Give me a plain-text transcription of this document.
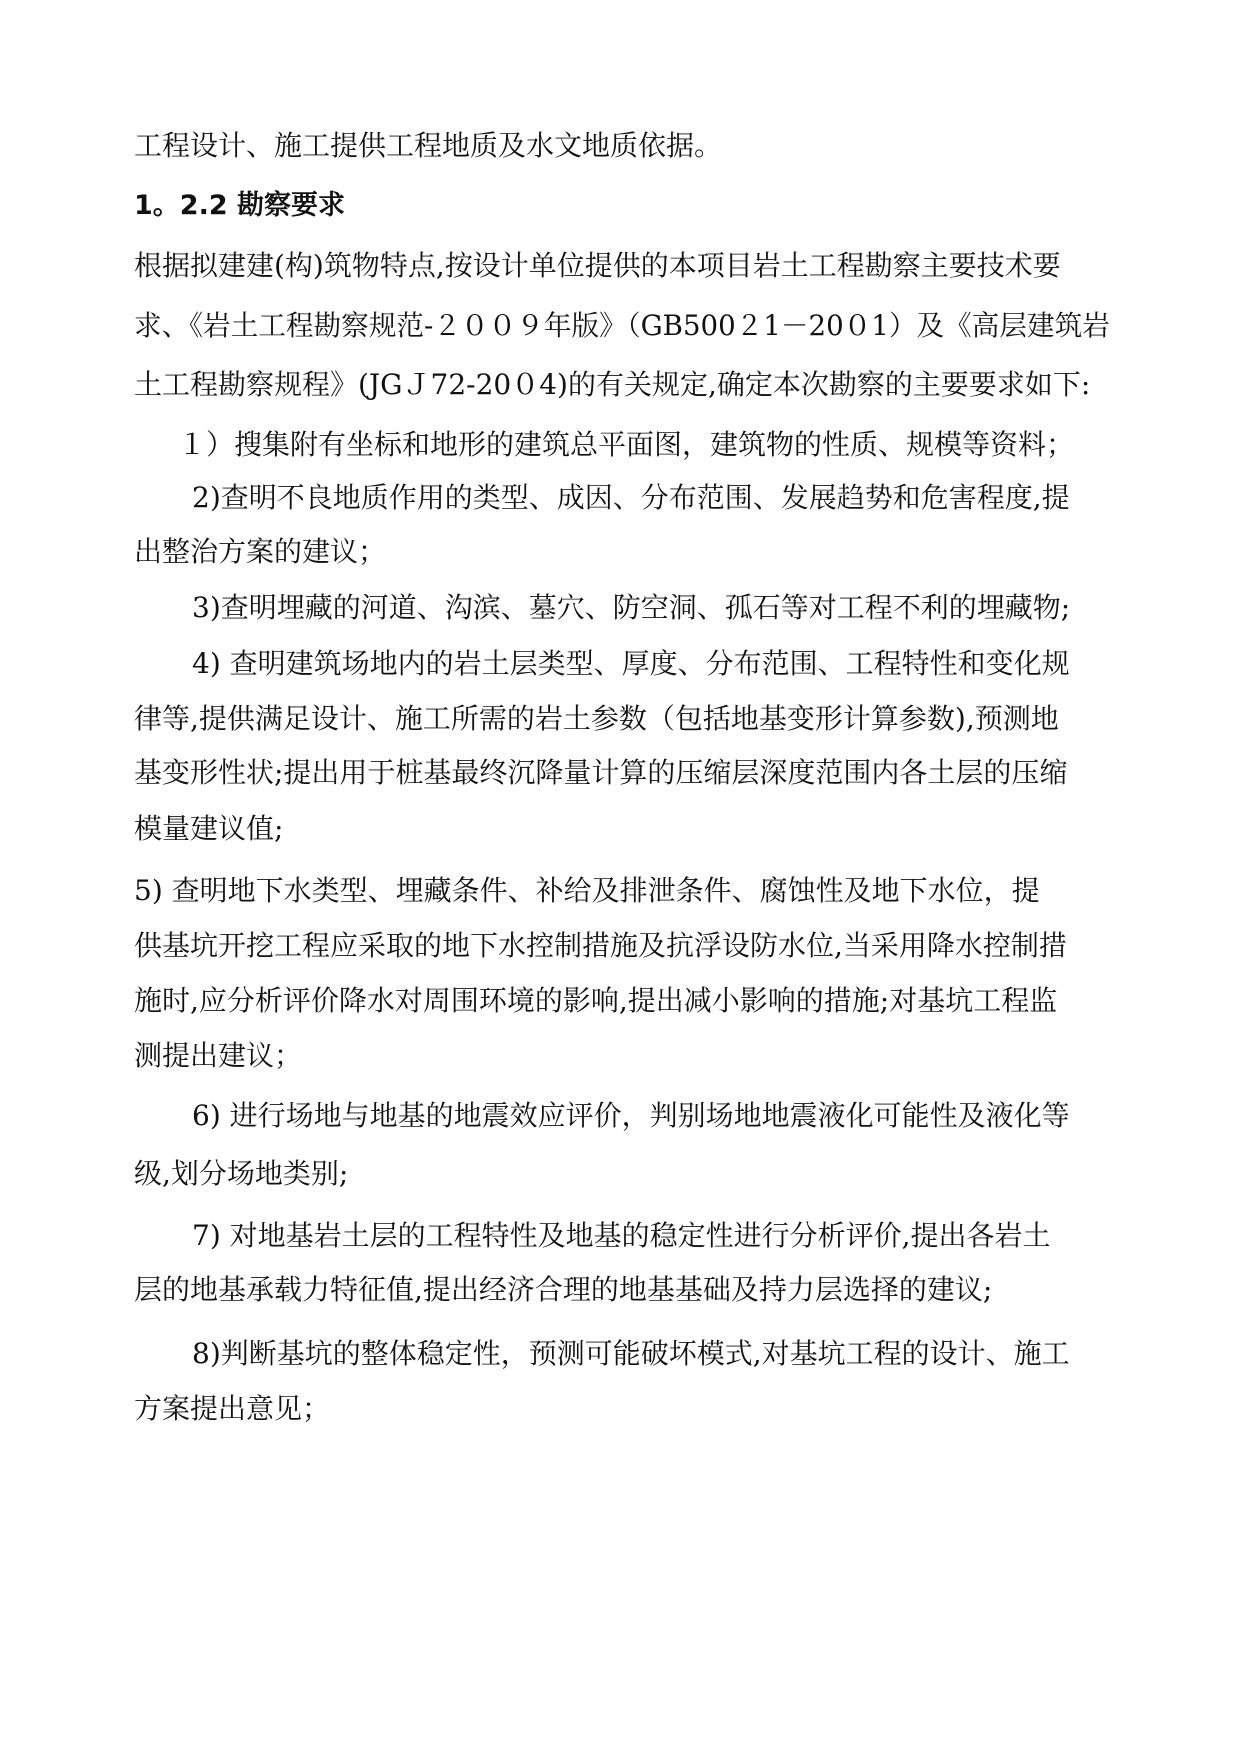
工程设计、施工提供工程地质及水文地质依据。
1。2.2 勘察要求
根据拟建建(构)筑物特点,按设计单位提供的本项目岩土工程勘察主要技术要
求、《岩土工程勘察规范-２００９年版》（GB500２1－20０1）及《高层建筑岩
土工程勘察规程》(JGＪ72-20０4)的有关规定,确定本次勘察的主要要求如下:
１）搜集附有坐标和地形的建筑总平面图，建筑物的性质、规模等资料；
2)查明不良地质作用的类型、成因、分布范围、发展趋势和危害程度,提
出整治方案的建议；
3)查明埋藏的河道、沟滨、墓穴、防空洞、孤石等对工程不利的埋藏物;
4) 查明建筑场地内的岩土层类型、厚度、分布范围、工程特性和变化规
律等,提供满足设计、施工所需的岩土参数（包括地基变形计算参数),预测地
基变形性状;提出用于桩基最终沉降量计算的压缩层深度范围内各土层的压缩
模量建议值;
5) 查明地下水类型、埋藏条件、补给及排泄条件、腐蚀性及地下水位，提
供基坑开挖工程应采取的地下水控制措施及抗浮设防水位,当采用降水控制措
施时,应分析评价降水对周围环境的影响,提出减小影响的措施;对基坑工程监
测提出建议；
6) 进行场地与地基的地震效应评价，判别场地地震液化可能性及液化等
级,划分场地类别;
7) 对地基岩土层的工程特性及地基的稳定性进行分析评价,提出各岩土
层的地基承载力特征值,提出经济合理的地基基础及持力层选择的建议;
8)判断基坑的整体稳定性，预测可能破坏模式,对基坑工程的设计、施工
方案提出意见；
